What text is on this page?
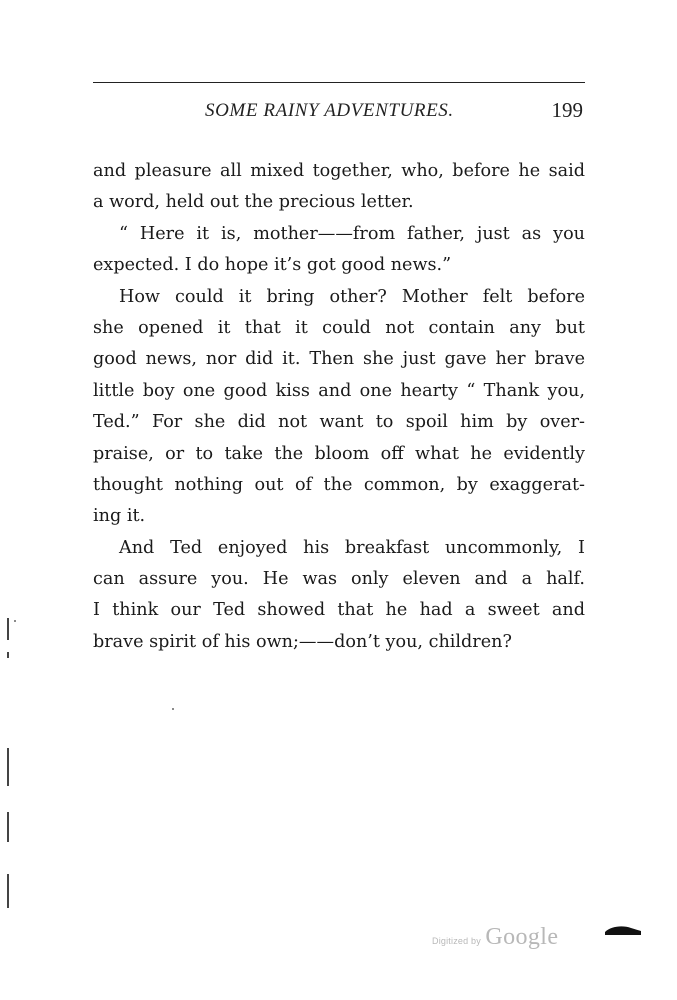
SOME RAINY ADVENTURES.	199
and pleasure all mixed together, who, before he said
a word, held out the precious letter.
“ Here it is, mother——from father, just as you
expected. I do hope it’s got good news.”
How could it bring other? Mother felt before
she opened it that it could not contain any but
good news, nor did it. Then she just gave her brave
little boy one good kiss and one hearty “ Thank you,
Ted.” For she did not want to spoil him by over-
praise, or to take the bloom off what he evidently
thought nothing out of the common, by exaggerat-
ing it.
And Ted enjoyed his breakfast uncommonly, I
can assure you. He was only eleven and a half.
I think our Ted showed that he had a sweet and
brave spirit of his own;——don’t you, children?
Digitized by Google
